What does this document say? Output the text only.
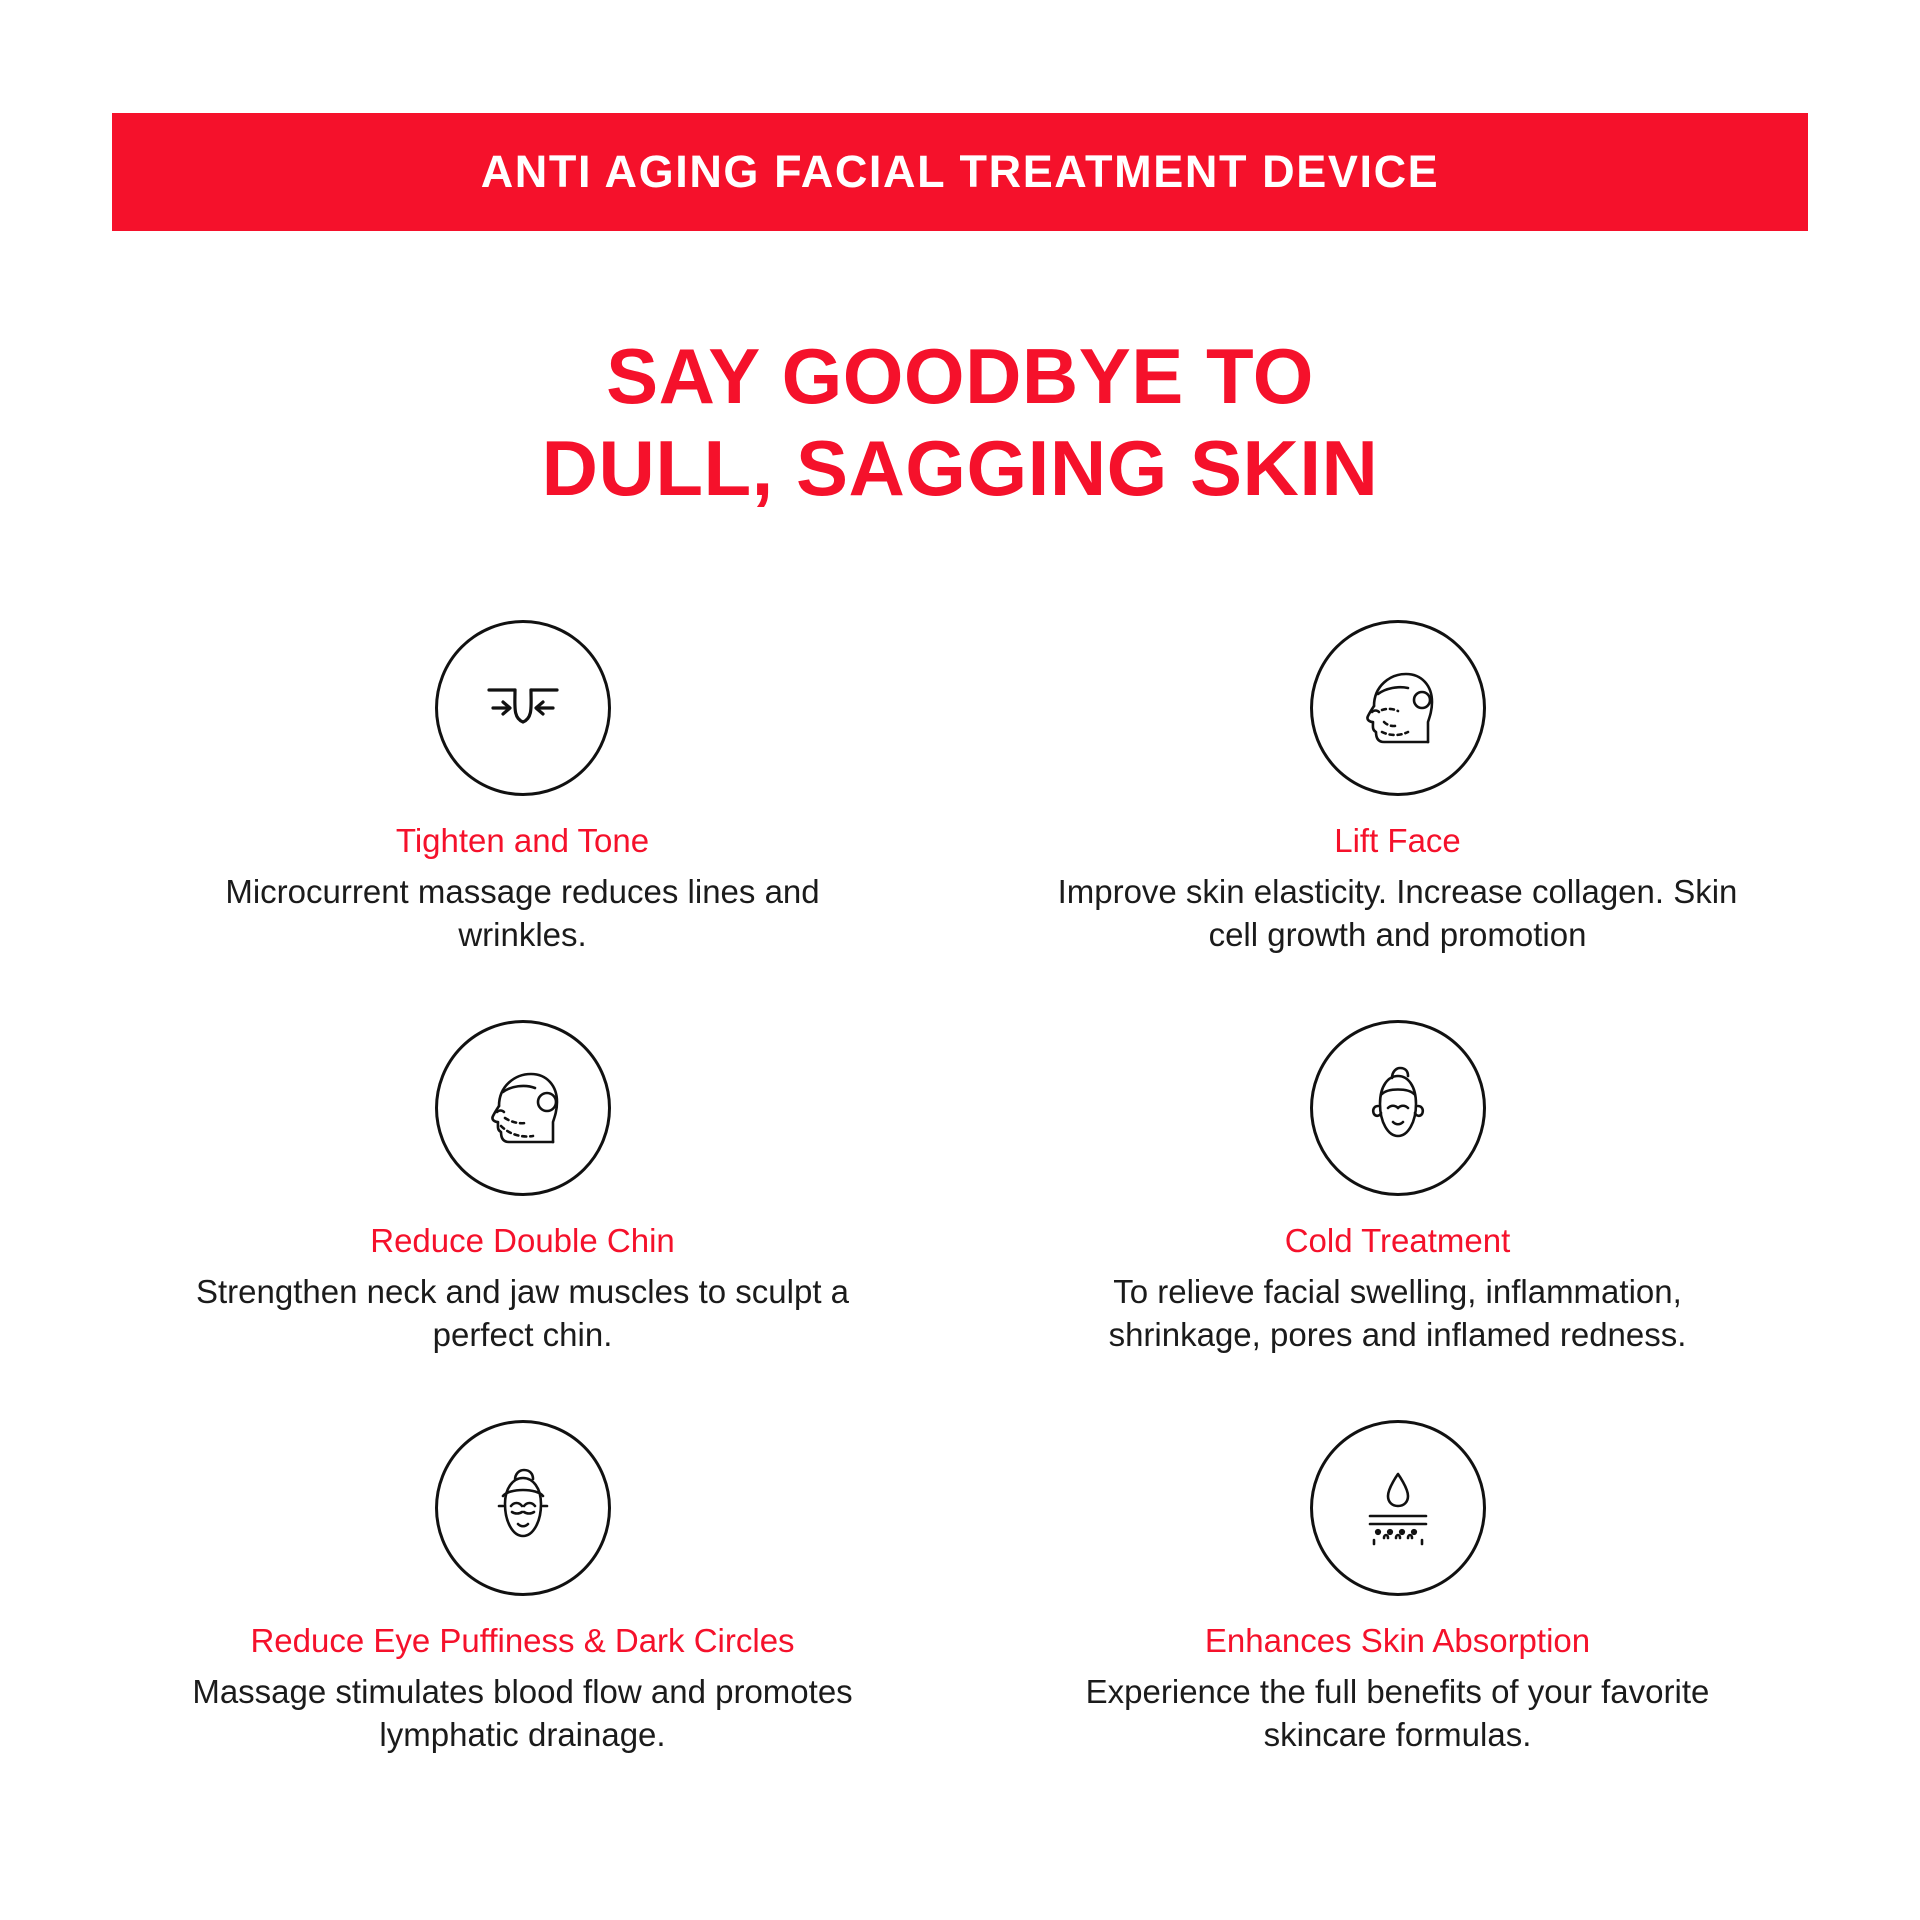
ANTI AGING FACIAL TREATMENT DEVICE
SAY GOODBYE TO
DULL, SAGGING SKIN
Tighten and Tone
Microcurrent massage reduces lines and wrinkles.
Lift Face
Improve skin elasticity. Increase collagen. Skin cell growth and promotion
Reduce Double Chin
Strengthen neck and jaw muscles to sculpt a perfect chin.
Cold Treatment
To relieve facial swelling, inflammation, shrinkage, pores and inflamed redness.
Reduce Eye Puffiness & Dark Circles
Massage stimulates blood flow and promotes lymphatic drainage.
Enhances Skin Absorption
Experience the full benefits of your favorite skincare formulas.
